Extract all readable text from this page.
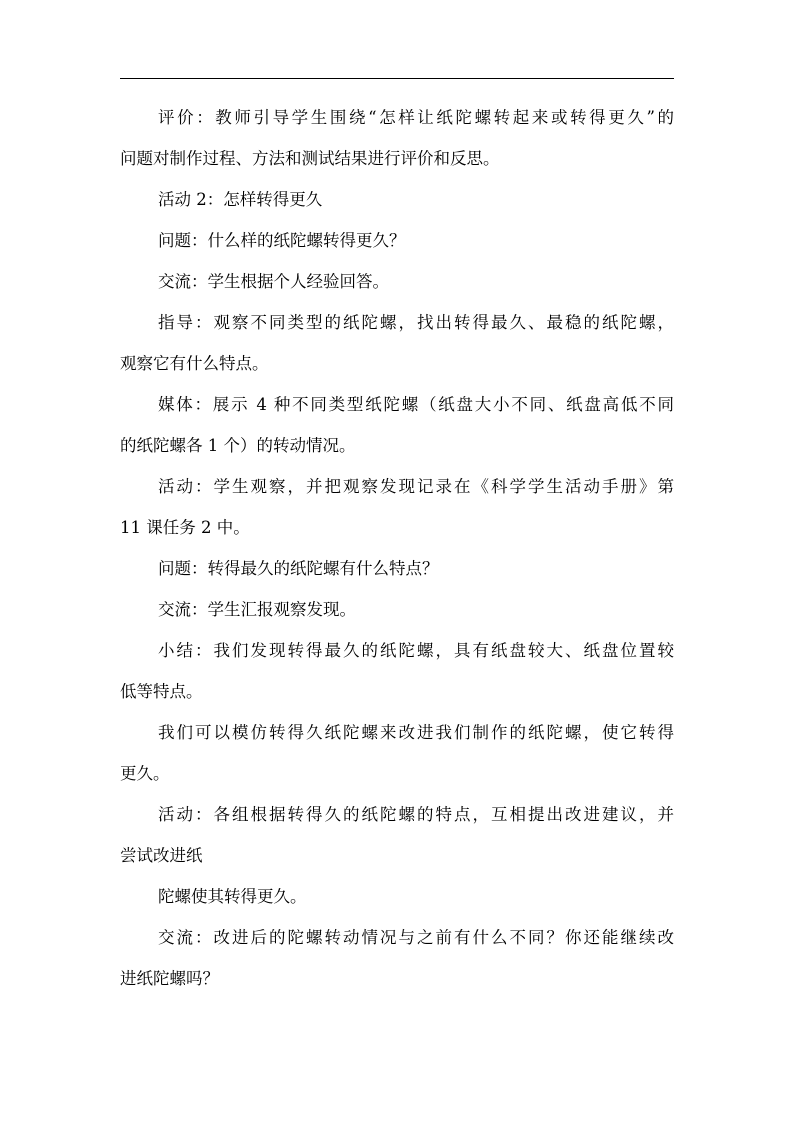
评价：教师引导学生围绕“怎样让纸陀螺转起来或转得更久”的
问题对制作过程、方法和测试结果进行评价和反思。
活动 2：怎样转得更久
问题：什么样的纸陀螺转得更久？
交流：学生根据个人经验回答。
指导：观察不同类型的纸陀螺，找出转得最久、最稳的纸陀螺，
观察它有什么特点。
媒体：展示 4 种不同类型纸陀螺（纸盘大小不同、纸盘高低不同
的纸陀螺各 1 个）的转动情况。
活动：学生观察，并把观察发现记录在《科学学生活动手册》第
11 课任务 2 中。
问题：转得最久的纸陀螺有什么特点？
交流：学生汇报观察发现。
小结：我们发现转得最久的纸陀螺，具有纸盘较大、纸盘位置较
低等特点。
我们可以模仿转得久纸陀螺来改进我们制作的纸陀螺，使它转得
更久。
活动：各组根据转得久的纸陀螺的特点，互相提出改进建议，并
尝试改进纸
陀螺使其转得更久。
交流：改进后的陀螺转动情况与之前有什么不同？你还能继续改
进纸陀螺吗？
